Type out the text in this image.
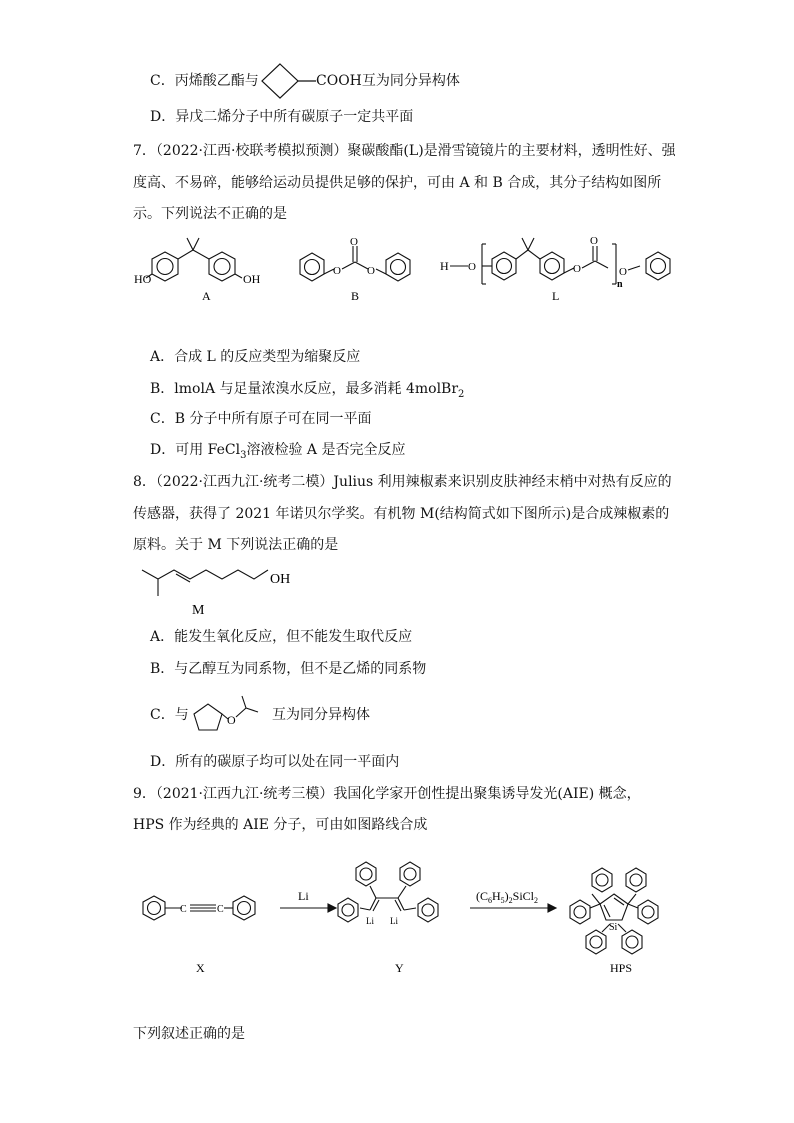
C．丙烯酸乙酯与	COOH互为同分异构体
D．异戊二烯分子中所有碳原子一定共平面
7．（2022·江西·校联考模拟预测）聚碳酸酯(L)是滑雪镜镜片的主要材料，透明性好、强
度高、不易碎，能够给运动员提供足够的保护，可由 A 和 B 合成，其分子结构如图所
示。下列说法不正确的是
HO	OH
A
O O
O
B
H O	O
O
O
n
L
A．合成 L 的反应类型为缩聚反应
B．lmolA 与足量浓溴水反应，最多消耗 4molBr$_2$
C．B 分子中所有原子可在同一平面
D．可用 FeCl$_3$溶液检验 A 是否完全反应
8．（2022·江西九江·统考二模）Julius 利用辣椒素来识别皮肤神经末梢中对热有反应的
传感器，获得了 2021 年诺贝尔学奖。有机物 M(结构简式如下图所示)是合成辣椒素的
原料。关于 M 下列说法正确的是
OH
M
A．能发生氧化反应，但不能发生取代反应
B．与乙醇互为同系物，但不是乙烯的同系物
C．与	O	互为同分异构体
D．所有的碳原子均可以处在同一平面内
9．（2021·江西九江·统考三模）我国化学家开创性提出聚集诱导发光(AIE) 概念，
HPS 作为经典的 AIE 分子，可由如图路线合成
C	C
Li	$(C_6H_5)_2SiCl_2$
Li Li
Si
X	Y	HPS
下列叙述正确的是
